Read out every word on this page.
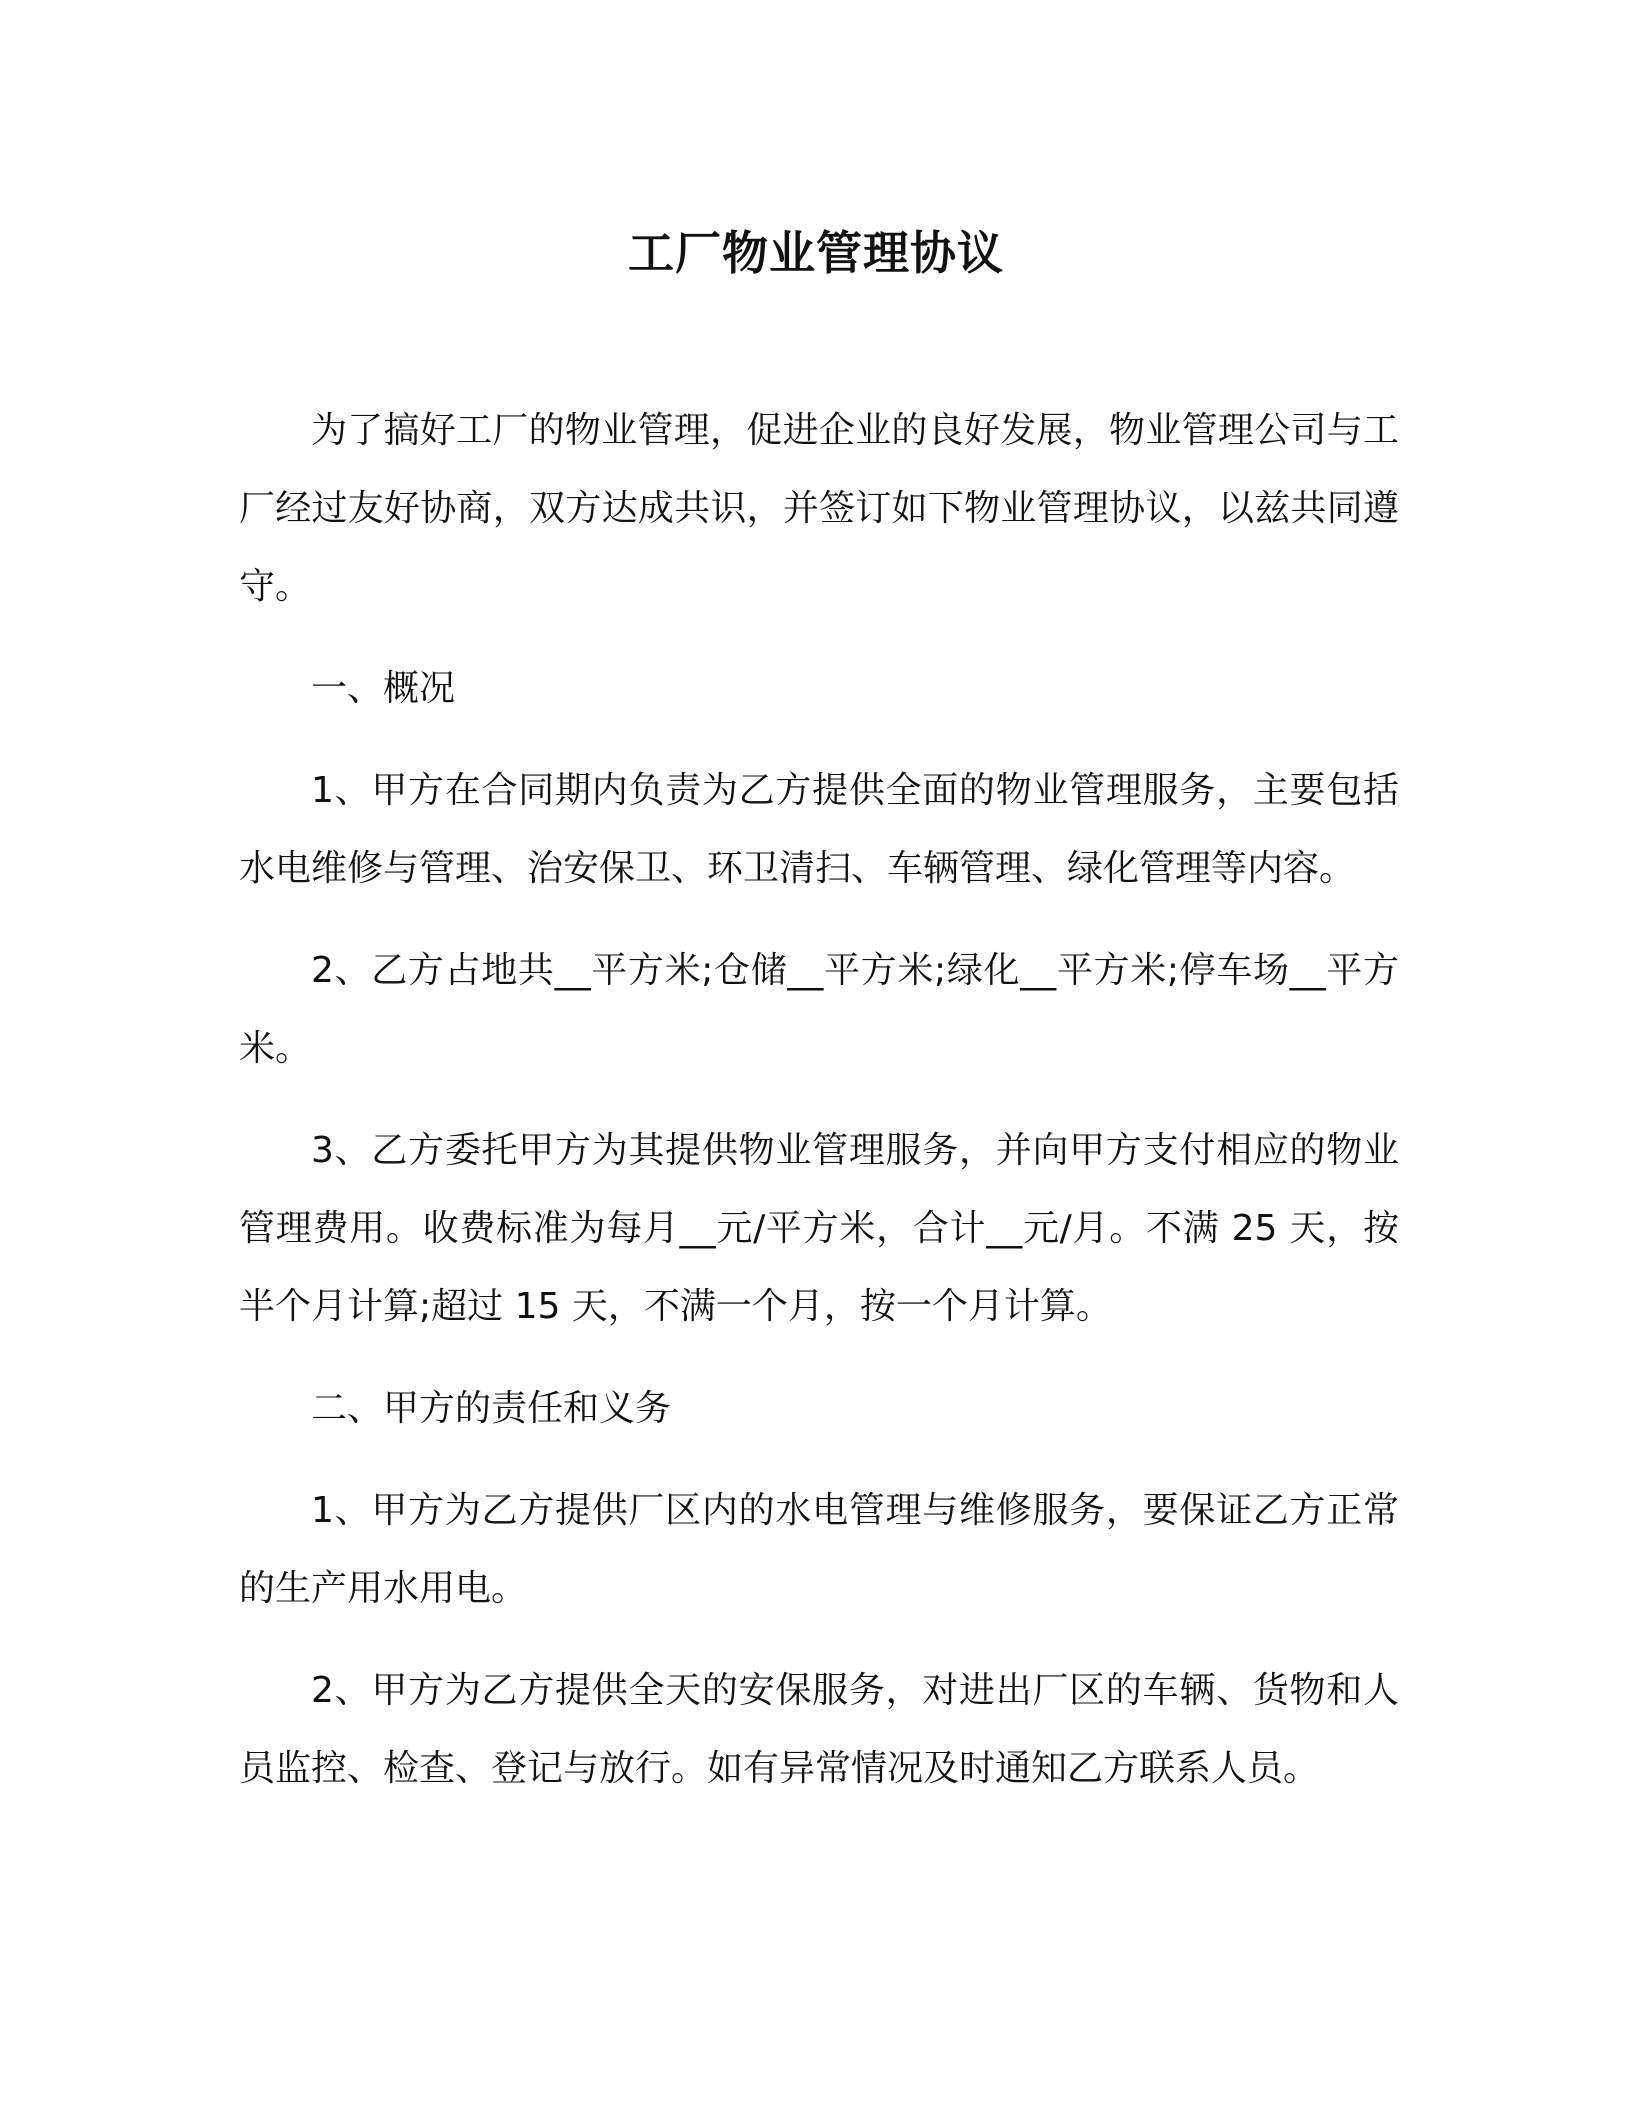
工厂物业管理协议

为了搞好工厂的物业管理，促进企业的良好发展，物业管理公司与工厂经过友好协商，双方达成共识，并签订如下物业管理协议，以兹共同遵守。

一、概况

1、甲方在合同期内负责为乙方提供全面的物业管理服务，主要包括水电维修与管理、治安保卫、环卫清扫、车辆管理、绿化管理等内容。

2、乙方占地共__平方米;仓储__平方米;绿化__平方米;停车场__平方米。

3、乙方委托甲方为其提供物业管理服务，并向甲方支付相应的物业管理费用。收费标准为每月__元/平方米，合计__元/月。不满 25 天，按半个月计算;超过 15 天，不满一个月，按一个月计算。

二、甲方的责任和义务

1、甲方为乙方提供厂区内的水电管理与维修服务，要保证乙方正常的生产用水用电。

2、甲方为乙方提供全天的安保服务，对进出厂区的车辆、货物和人员监控、检查、登记与放行。如有异常情况及时通知乙方联系人员。
